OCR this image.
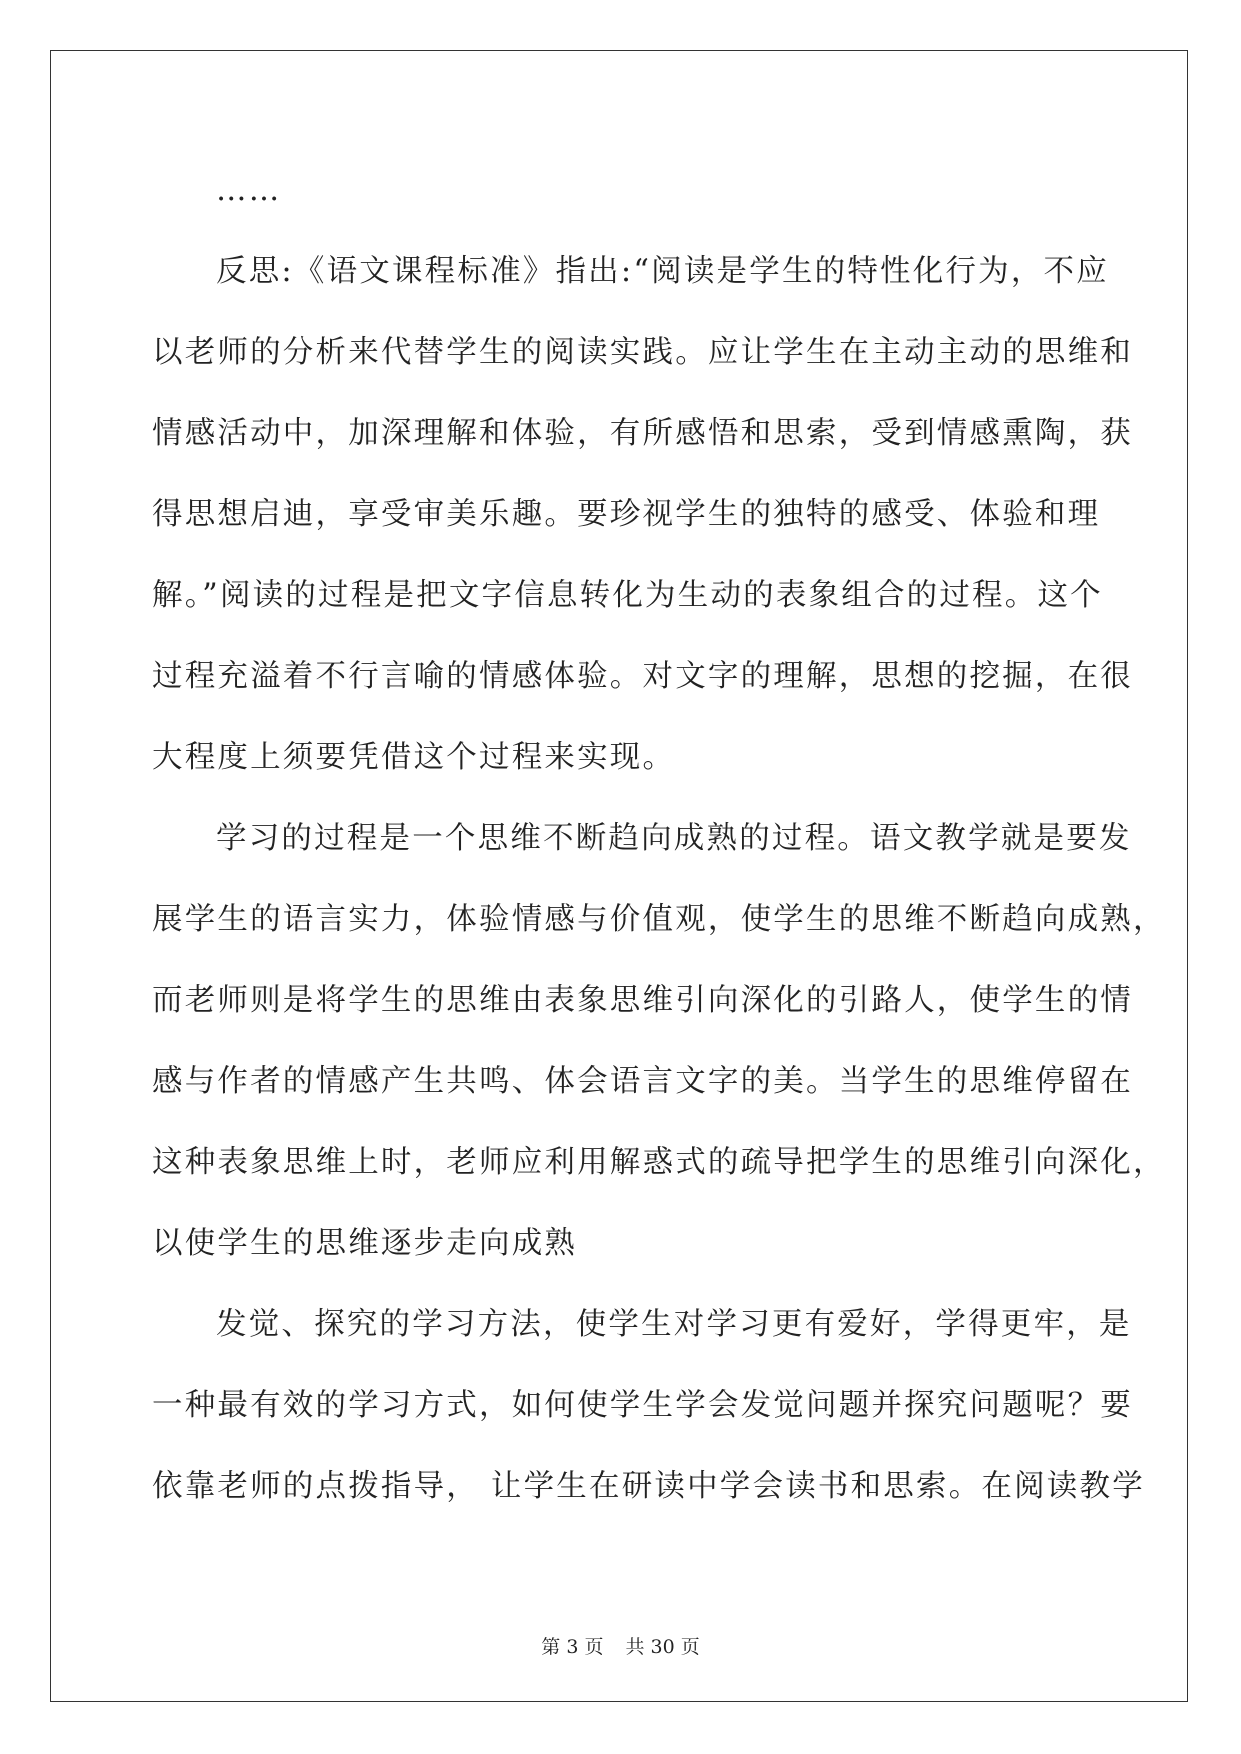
……
反思:《语文课程标准》指出:“阅读是学生的特性化行为，不应
以老师的分析来代替学生的阅读实践。应让学生在主动主动的思维和
情感活动中，加深理解和体验，有所感悟和思索，受到情感熏陶，获
得思想启迪，享受审美乐趣。要珍视学生的独特的感受、体验和理
解。”阅读的过程是把文字信息转化为生动的表象组合的过程。这个
过程充溢着不行言喻的情感体验。对文字的理解，思想的挖掘，在很
大程度上须要凭借这个过程来实现。
学习的过程是一个思维不断趋向成熟的过程。语文教学就是要发
展学生的语言实力，体验情感与价值观，使学生的思维不断趋向成熟，
而老师则是将学生的思维由表象思维引向深化的引路人，使学生的情
感与作者的情感产生共鸣、体会语言文字的美。当学生的思维停留在
这种表象思维上时，老师应利用解惑式的疏导把学生的思维引向深化，
以使学生的思维逐步走向成熟
发觉、探究的学习方法，使学生对学习更有爱好，学得更牢，是
一种最有效的学习方式，如何使学生学会发觉问题并探究问题呢？要
依靠老师的点拨指导， 让学生在研读中学会读书和思索。在阅读教学
第 3 页 共 30 页
